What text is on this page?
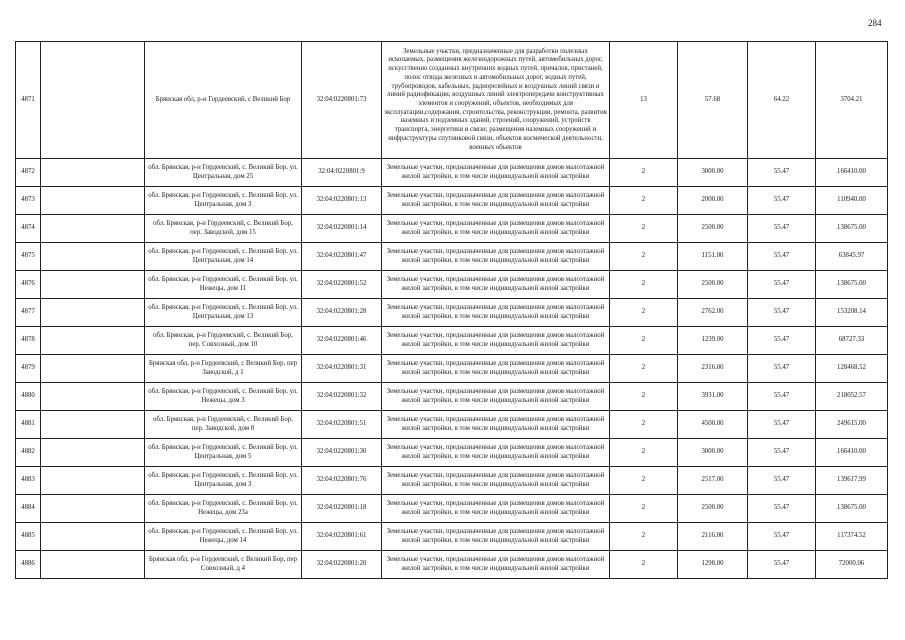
284
4871		Брянская обл, р-н Гордеевский, с Великий Бор	32:04:0220801:73	Земельные участки, предназначенные для разработки полезных ископаемых, размещения железнодорожных путей, автомобильных дорог, искусственно созданных внутренних водных путей, причалов, пристаней, полос отвода железных и автомобильных дорог, водных путей, трубопроводов, кабельных, радиорелейных и воздушных линий связи и линий радиофикации, воздушных линий электропередачи конструктивных элементов и сооружений, объектов, необходимых для эксплуатации,содержания, строительства, реконструкции, ремонта, развития наземных и подземных зданий, строений, сооружений, устройств транспорта, энергетики и связи; размещения наземных сооружений и инфраструктуры спутниковой связи, объектов космической деятельности, военных объектов	13	57.68	64.22	3704.21
4872		обл. Брянская, р-н Гордеевский, с. Великий Бор, ул. Центральная, дом 25	32:04:0220801:9	Земельные участки, предназначенные для размещения домов малоэтажной жилой застройки, в том числе индивидуальной жилой застройки	2	3000.00	55.47	166410.00
4873		обл. Брянская, р-н Гордеевский, с. Великий Бор, ул. Центральная, дом 3	32:04:0220801:13	Земельные участки, предназначенные для размещения домов малоэтажной жилой застройки, в том числе индивидуальной жилой застройки	2	2000.00	55.47	110940.00
4874		обл. Брянская, р-н Гордеевский, с. Великий Бор, пер. Заводской, дом 15	32:04:0220801:14	Земельные участки, предназначенные для размещения домов малоэтажной жилой застройки, в том числе индивидуальной жилой застройки	2	2500.00	55.47	138675.00
4875		обл. Брянская, р-н Гордеевский, с. Великий Бор, ул. Центральная, дом 14	32:04:0220801:47	Земельные участки, предназначенные для размещения домов малоэтажной жилой застройки, в том числе индивидуальной жилой застройки	2	1151.00	55.47	63845.97
4876		обл. Брянская, р-н Гордеевский, с. Великий Бор, ул. Нежецы, дом 11	32:04:0220801:52	Земельные участки, предназначенные для размещения домов малоэтажной жилой застройки, в том числе индивидуальной жилой застройки	2	2500.00	55.47	138675.00
4877		обл. Брянская, р-н Гордеевский, с. Великий Бор, ул. Центральная, дом 13	32:04:0220801:28	Земельные участки, предназначенные для размещения домов малоэтажной жилой застройки, в том числе индивидуальной жилой застройки	2	2762.00	55.47	153208.14
4878		обл. Брянская, р-н Гордеевский, с. Великий Бор, пер. Совхозный, дом 10	32:04:0220801:46	Земельные участки, предназначенные для размещения домов малоэтажной жилой застройки, в том числе индивидуальной жилой застройки	2	1239.00	55.47	68727.33
4879		Брянская обл, р-н Гордеевский, с Великий Бор, пер Заводской, д 1	32:04:0220801:31	Земельные участки, предназначенные для размещения домов малоэтажной жилой застройки, в том числе индивидуальной жилой застройки	2	2316.00	55.47	128468.52
4880		обл. Брянская, р-н Гордеевский, с. Великий Бор, ул. Нежецы, дом 3	32:04:0220801:32	Земельные участки, предназначенные для размещения домов малоэтажной жилой застройки, в том числе индивидуальной жилой застройки	2	3931.00	55.47	218052.57
4881		обл. Брянская, р-н Гордеевский, с. Великий Бор, пер. Заводской, дом 8	32:04:0220801:51	Земельные участки, предназначенные для размещения домов малоэтажной жилой застройки, в том числе индивидуальной жилой застройки	2	4500.00	55.47	249615.00
4882		обл. Брянская, р-н Гордеевский, с. Великий Бор, ул. Центральная, дом 5	32:04:0220801:30	Земельные участки, предназначенные для размещения домов малоэтажной жилой застройки, в том числе индивидуальной жилой застройки	2	3000.00	55.47	166410.00
4883		обл. Брянская, р-н Гордеевский, с. Великий Бор, ул. Центральная, дом 3	32:04:0220801:76	Земельные участки, предназначенные для размещения домов малоэтажной жилой застройки, в том числе индивидуальной жилой застройки	2	2517.00	55.47	139617.99
4884		обл. Брянская, р-н Гордеевский, с. Великий Бор, ул. Нежецы, дом 23а	32:04:0220801:18	Земельные участки, предназначенные для размещения домов малоэтажной жилой застройки, в том числе индивидуальной жилой застройки	2	2500.00	55.47	138675.00
4885		обл. Брянская, р-н Гордеевский, с. Великий Бор, ул. Нежецы, дом 14	32:04:0220801:61	Земельные участки, предназначенные для размещения домов малоэтажной жилой застройки, в том числе индивидуальной жилой застройки	2	2116.00	55.47	117374.52
4886		Брянская обл, р-н Гордеевский, с Великий Бор, пер Совхозный, д 4	32:04:0220801:20	Земельные участки, предназначенные для размещения домов малоэтажной жилой застройки, в том числе индивидуальной жилой застройки	2	1298.00	55.47	72000.06
